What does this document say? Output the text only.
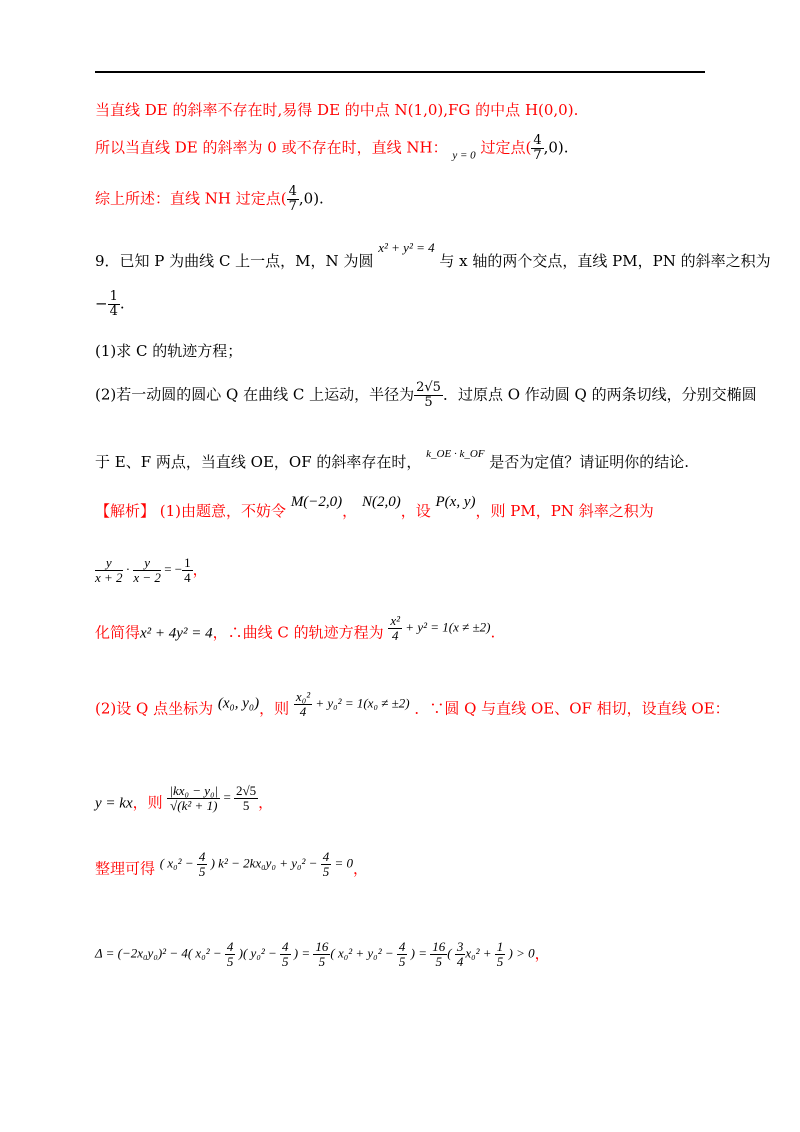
当直线 DE 的斜率不存在时,易得 DE 的中点 N(1,0),FG 的中点 H(0,0).
所以当直线 DE 的斜率为 0 或不存在时，直线 NH： $_{y = 0}$ 过定点( $\frac{4}{7} ,0$).
综上所述：直线 NH 过定点( $\frac{4}{7} ,0$).
9．已知 P 为曲线 C 上一点，M，N 为圆 x² + y² = 4 与 x 轴的两个交点，直线 PM，PN 的斜率之积为
− $\frac{1}{4}$ .
(1)求 C 的轨迹方程；
(2)若一动圆的圆心 Q 在曲线 C 上运动，半径为 $\frac{2√5}{5}$ ．过原点 O 作动圆 Q 的两条切线，分别交椭圆
于 E、F 两点，当直线 OE，OF 的斜率存在时， $^{k\_OE \cdot k\_OF}$ 是否为定值？请证明你的结论.
【解析】 (1)由题意，不妨令 M(−2,0)， N(2,0)，设 P(x, y)，则 PM，PN 斜率之积为
$\frac{y}{x + 2} \cdot \frac{y}{x - 2}$ = − $\frac{1}{4}$ ，
化简得x² + 4y² = 4，∴曲线 C 的轨迹方程为 $\frac{\text{x²}}{4} + y^2 = 1(x \ne \pm 2)$.
(2)设 Q 点坐标为 (x₀, y₀)，则 $\frac{\text{x₀²}}{4} + y_0^2 = 1(x_0 \ne \pm 2)$ ．∵圆 Q 与直线 OE、OF 相切，设直线 OE：
y = kx，则 $\frac{\text{|kx₀ − y₀|}}{\text{√(k² + 1)}} = \frac{2√5}{5}$ ，
整理可得 ( $x_0^2 - \frac{4}{5}$ ) $k^2 - 2kx_0y_0 + y_0^2 - \frac{4}{5} = 0$，
Δ = (−2x₀y₀)² − 4( $x_0^2 - \frac{4}{5}$ )( $y_0^2 - \frac{4}{5}$ ) = $\frac{16}{5}$ ( $x_0^2 + y_0^2 - \frac{4}{5}$ ) = $\frac{16}{5}$ ( $\frac{3}{4} x_0^2 + \frac{1}{5}$ ) > 0，
